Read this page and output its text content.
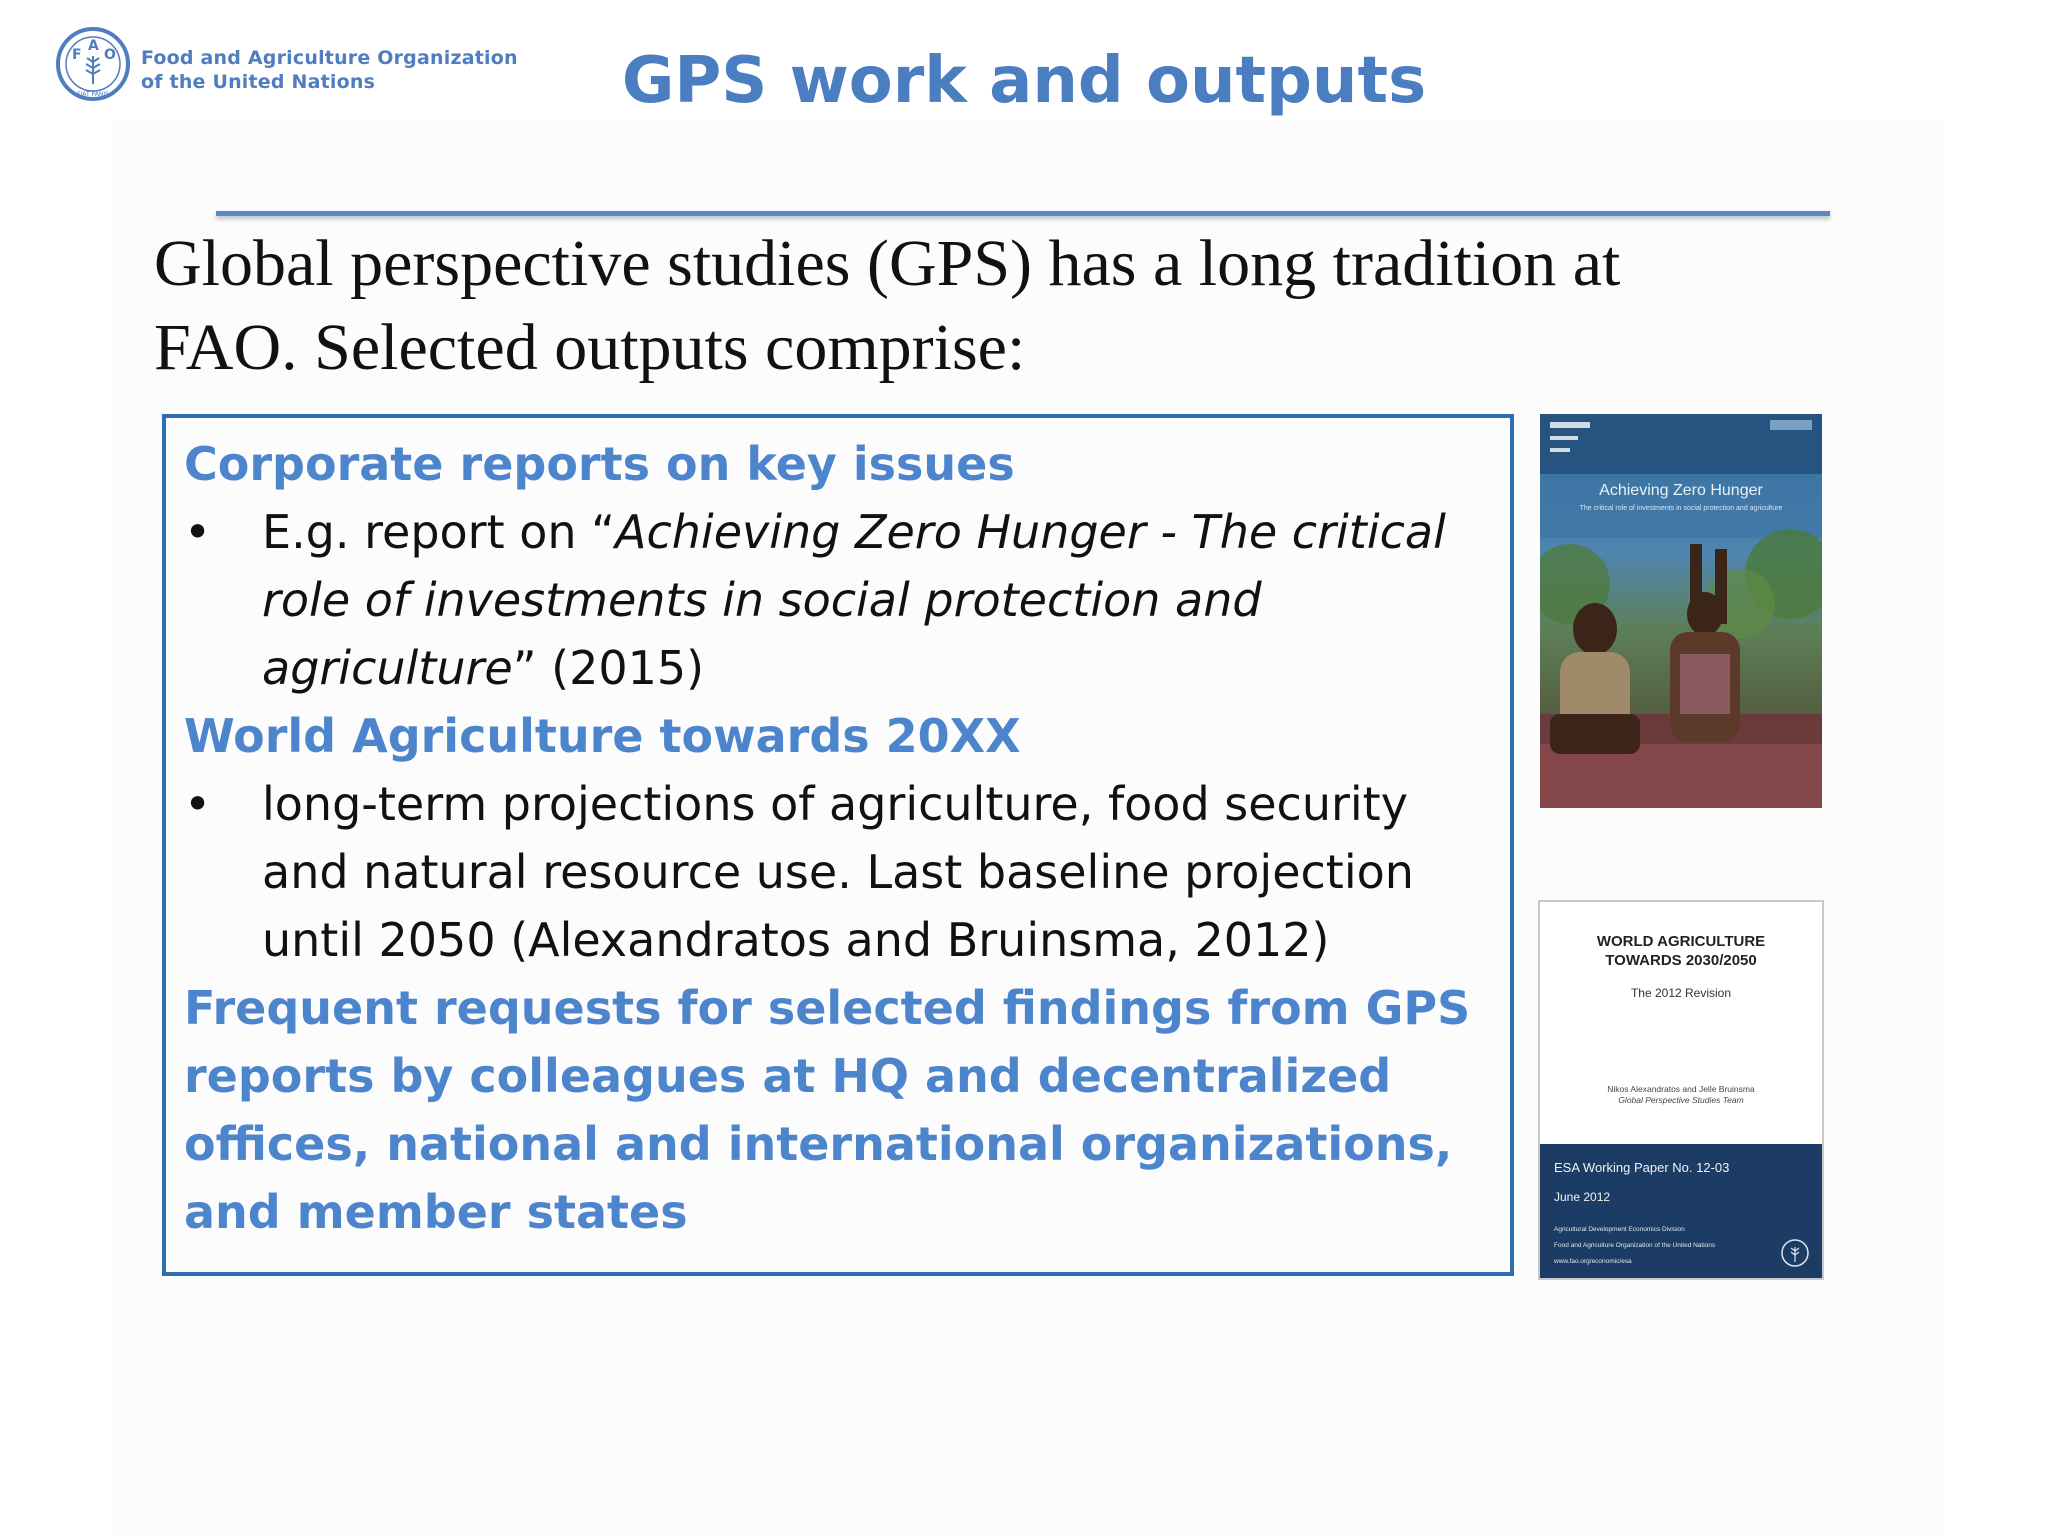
F
A
O
FIAT PANIS
Food and Agriculture Organization
of the United Nations	GPS work and outputs
Global perspective studies (GPS) has a long tradition at FAO. Selected outputs comprise:
Corporate reports on key issues
• E.g. report on “Achieving Zero Hunger - The critical role of investments in social protection and agriculture” (2015)
World Agriculture towards 20XX
• long-term projections of agriculture, food security and natural resource use. Last baseline projection until 2050 (Alexandratos and Bruinsma, 2012)
Frequent requests for selected findings from GPS reports by colleagues at HQ and decentralized offices, national and international organizations, and member states
Achieving Zero Hunger
The critical role of investments in social protection and agriculture
WORLD AGRICULTURE
TOWARDS 2030/2050
The 2012 Revision
Nikos Alexandratos and Jelle Bruinsma
Global Perspective Studies Team
ESA Working Paper No. 12-03
June 2012
Agricultural Development Economics Division
Food and Agriculture Organization of the United Nations
www.fao.org/economic/esa
